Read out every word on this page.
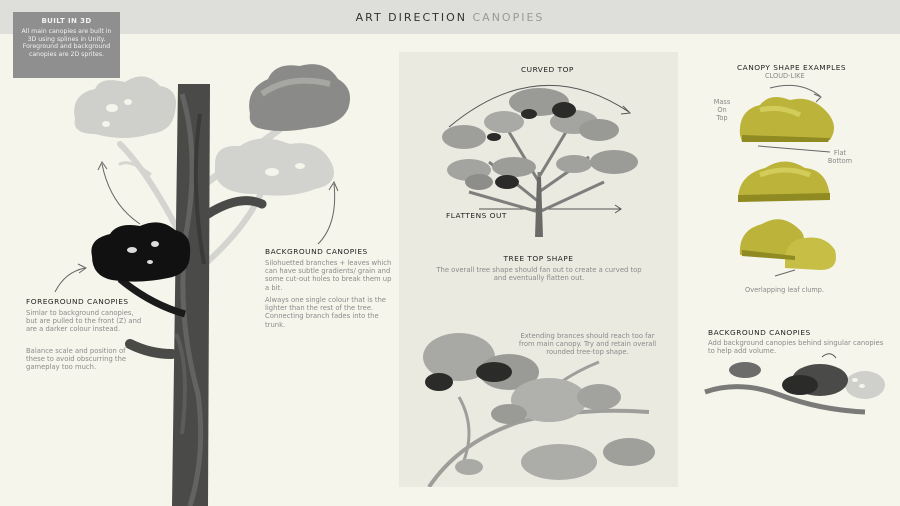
ART DIRECTION CANOPIES
BUILT IN 3D
All main canopies are built in 3D using splines in Unity. Foreground and background canopies are 2D sprites.
FOREGROUND CANOPIES
Simlar to background canopies, but are pulled to the front (Z) and are a darker colour instead.
Balance scale and position of these to avoid obscurring the gameplay too much.
BACKGROUND CANOPIES
Silohuetted branches + leaves which can have subtle gradients/ grain and some cut-out holes to break them up a bit.
Always one single colour that is the lighter than the rest of the tree. Connecting branch fades into the trunk.
CURVED TOP
FLATTENS OUT
TREE TOP SHAPE
The overall tree shape should fan out to create a curved top and eventually flatten out.
Extending brances should reach too far from main canopy. Try and retain overall rounded tree-top shape.
CANOPY SHAPE EXAMPLES
CLOUD-LIKE
Mass
On
Top
Flat
Bottom
Overlapping leaf clump.
BACKGROUND CANOPIES
Add background canopies behind singular canopies to help add volume.
